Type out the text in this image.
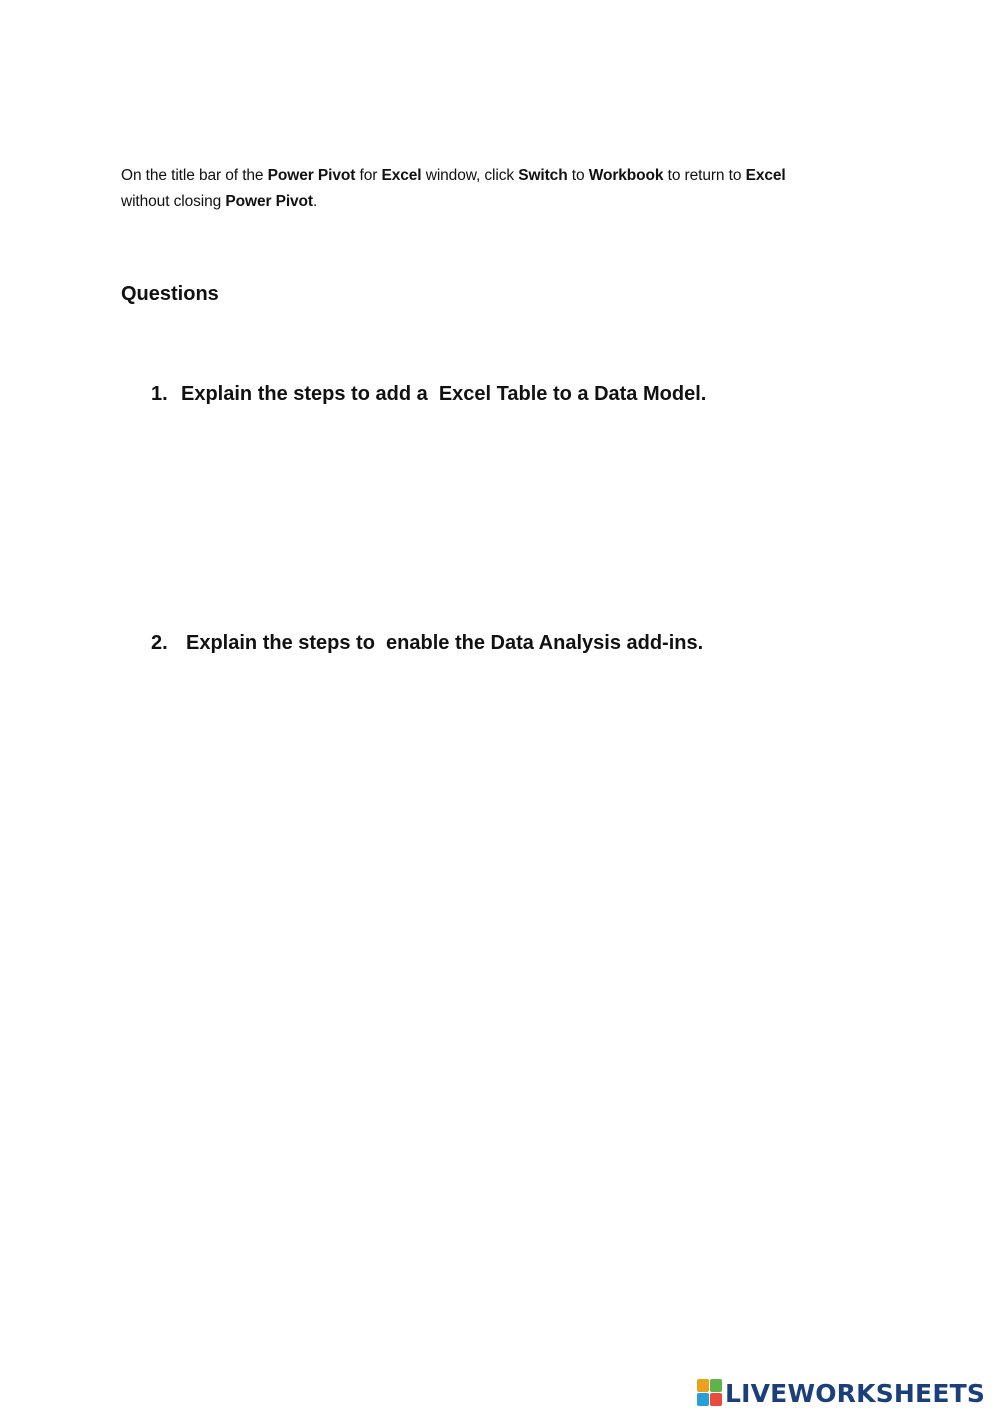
On the title bar of the Power Pivot for Excel window, click Switch to Workbook to return to Excel
without closing Power Pivot.

Questions
1. Explain the steps to add a  Excel Table to a Data Model.
2. Explain the steps to  enable the Data Analysis add-ins.
LIVEWORKSHEETS
